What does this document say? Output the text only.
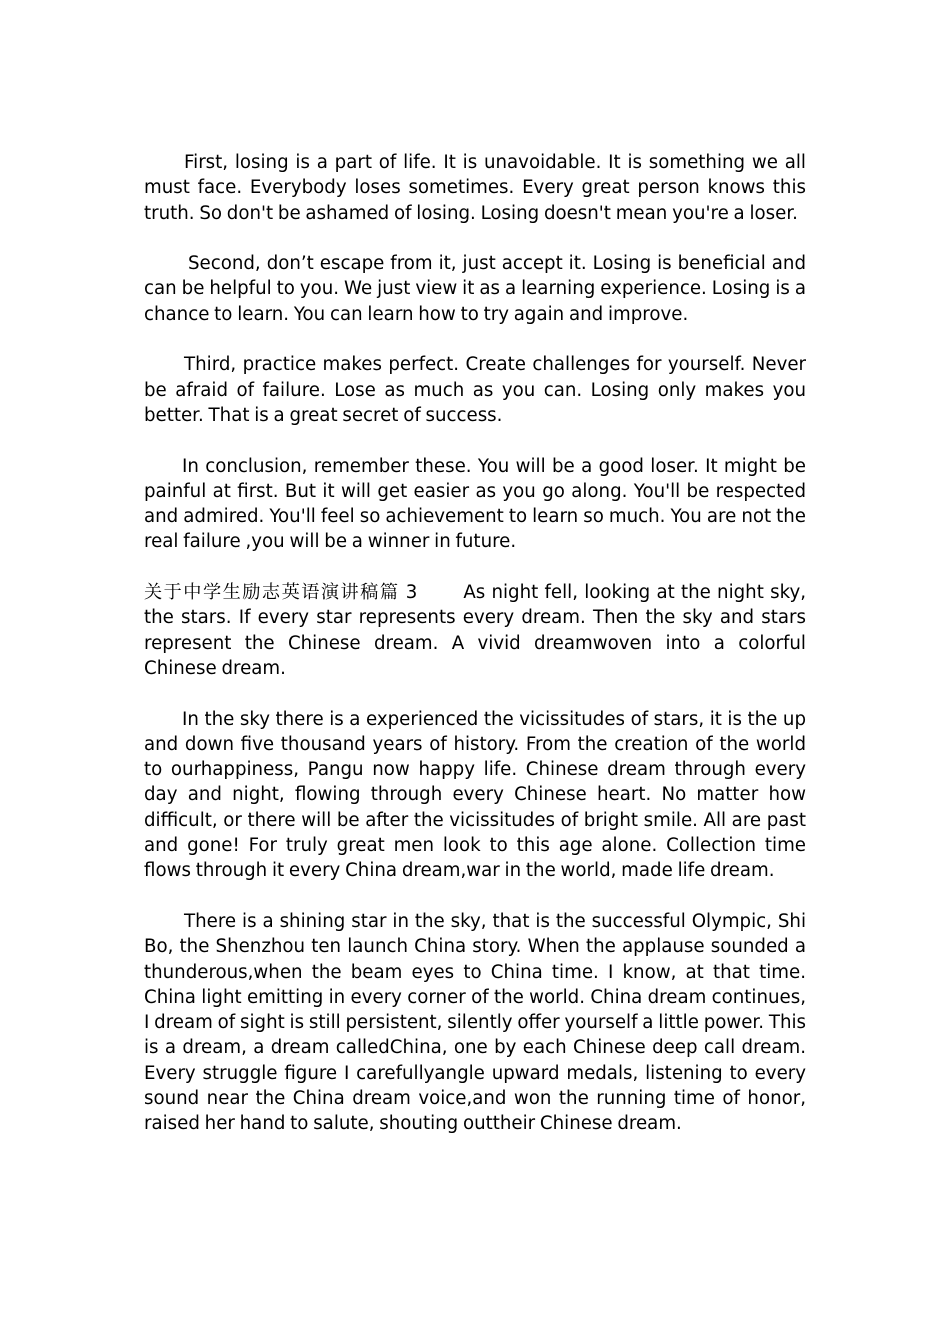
First, losing is a part of life. It is unavoidable. It is something we all must face. Everybody loses sometimes. Every great person knows this truth. So don't be ashamed of losing. Losing doesn't mean you're a loser.

Second, don’t escape from it, just accept it. Losing is beneficial and can be helpful to you. We just view it as a learning experience. Losing is a chance to learn. You can learn how to try again and improve.

Third, practice makes perfect. Create challenges for yourself. Never be afraid of failure. Lose as much as you can. Losing only makes you better. That is a great secret of success.

In conclusion, remember these. You will be a good loser. It might be painful at first. But it will get easier as you go along. You'll be respected and admired. You'll feel so achievement to learn so much. You are not the real failure ,you will be a winner in future.

关于中学生励志英语演讲稿篇 3	As night fell, looking at the night sky, the stars. If every star represents every dream. Then the sky and stars represent the Chinese dream. A vivid dreamwoven into a colorful Chinese dream.

In the sky there is a experienced the vicissitudes of stars, it is the up and down five thousand years of history. From the creation of the world to ourhappiness, Pangu now happy life. Chinese dream through every day and night, flowing through every Chinese heart. No matter how difficult, or there will be after the vicissitudes of bright smile. All are past and gone! For truly great men look to this age alone. Collection time flows through it every China dream,war in the world, made life dream.

There is a shining star in the sky, that is the successful Olympic, Shi Bo, the Shenzhou ten launch China story. When the applause sounded a thunderous,when the beam eyes to China time. I know, at that time. China light emitting in every corner of the world. China dream continues, I dream of sight is still persistent, silently offer yourself a little power. This is a dream, a dream calledChina, one by each Chinese deep call dream. Every struggle figure I carefullyangle upward medals, listening to every sound near the China dream voice,and won the running time of honor, raised her hand to salute, shouting outtheir Chinese dream.
